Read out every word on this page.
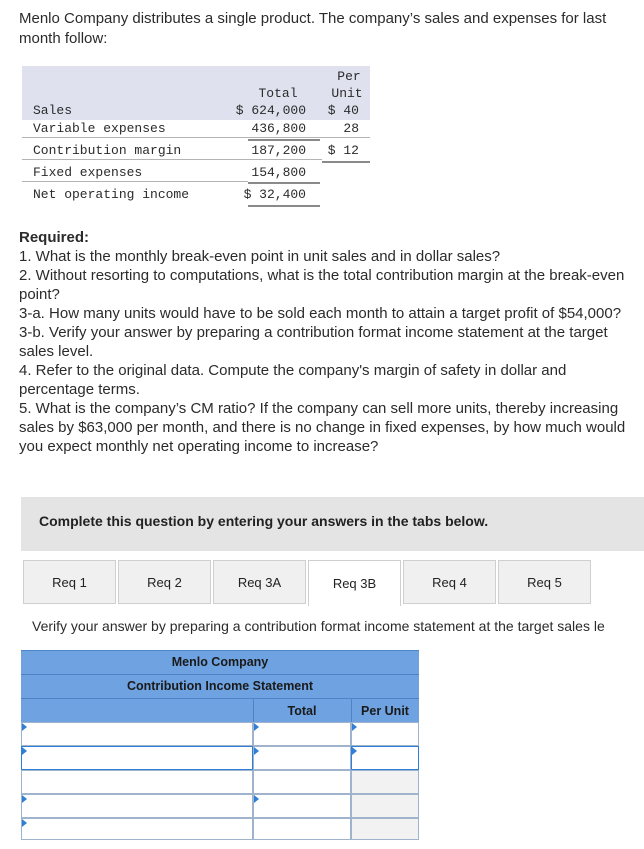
Menlo Company distributes a single product. The company’s sales and expenses for last month follow:
Per
Total	Unit
Sales	$ 624,000	$ 40
Variable expenses	436,800	28
Contribution margin	187,200	$ 12
Fixed expenses	154,800
Net operating income	$ 32,400

Required:

1. What is the monthly break-even point in unit sales and in dollar sales?

2. Without resorting to computations, what is the total contribution margin at the break-even point?

3-a. How many units would have to be sold each month to attain a target profit of $54,000?

3-b. Verify your answer by preparing a contribution format income statement at the target sales level.

4. Refer to the original data. Compute the company's margin of safety in dollar and percentage terms.

5. What is the company’s CM ratio? If the company can sell more units, thereby increasing sales by $63,000 per month, and there is no change in fixed expenses, by how much would you expect monthly net operating income to increase?

Complete this question by entering your answers in the tabs below.
Req 1	Req 2	Req 3A	Req 3B	Req 4	Req 5
Verify your answer by preparing a contribution format income statement at the target sales le
Menlo Company
Contribution Income Statement
Total	Per Unit
